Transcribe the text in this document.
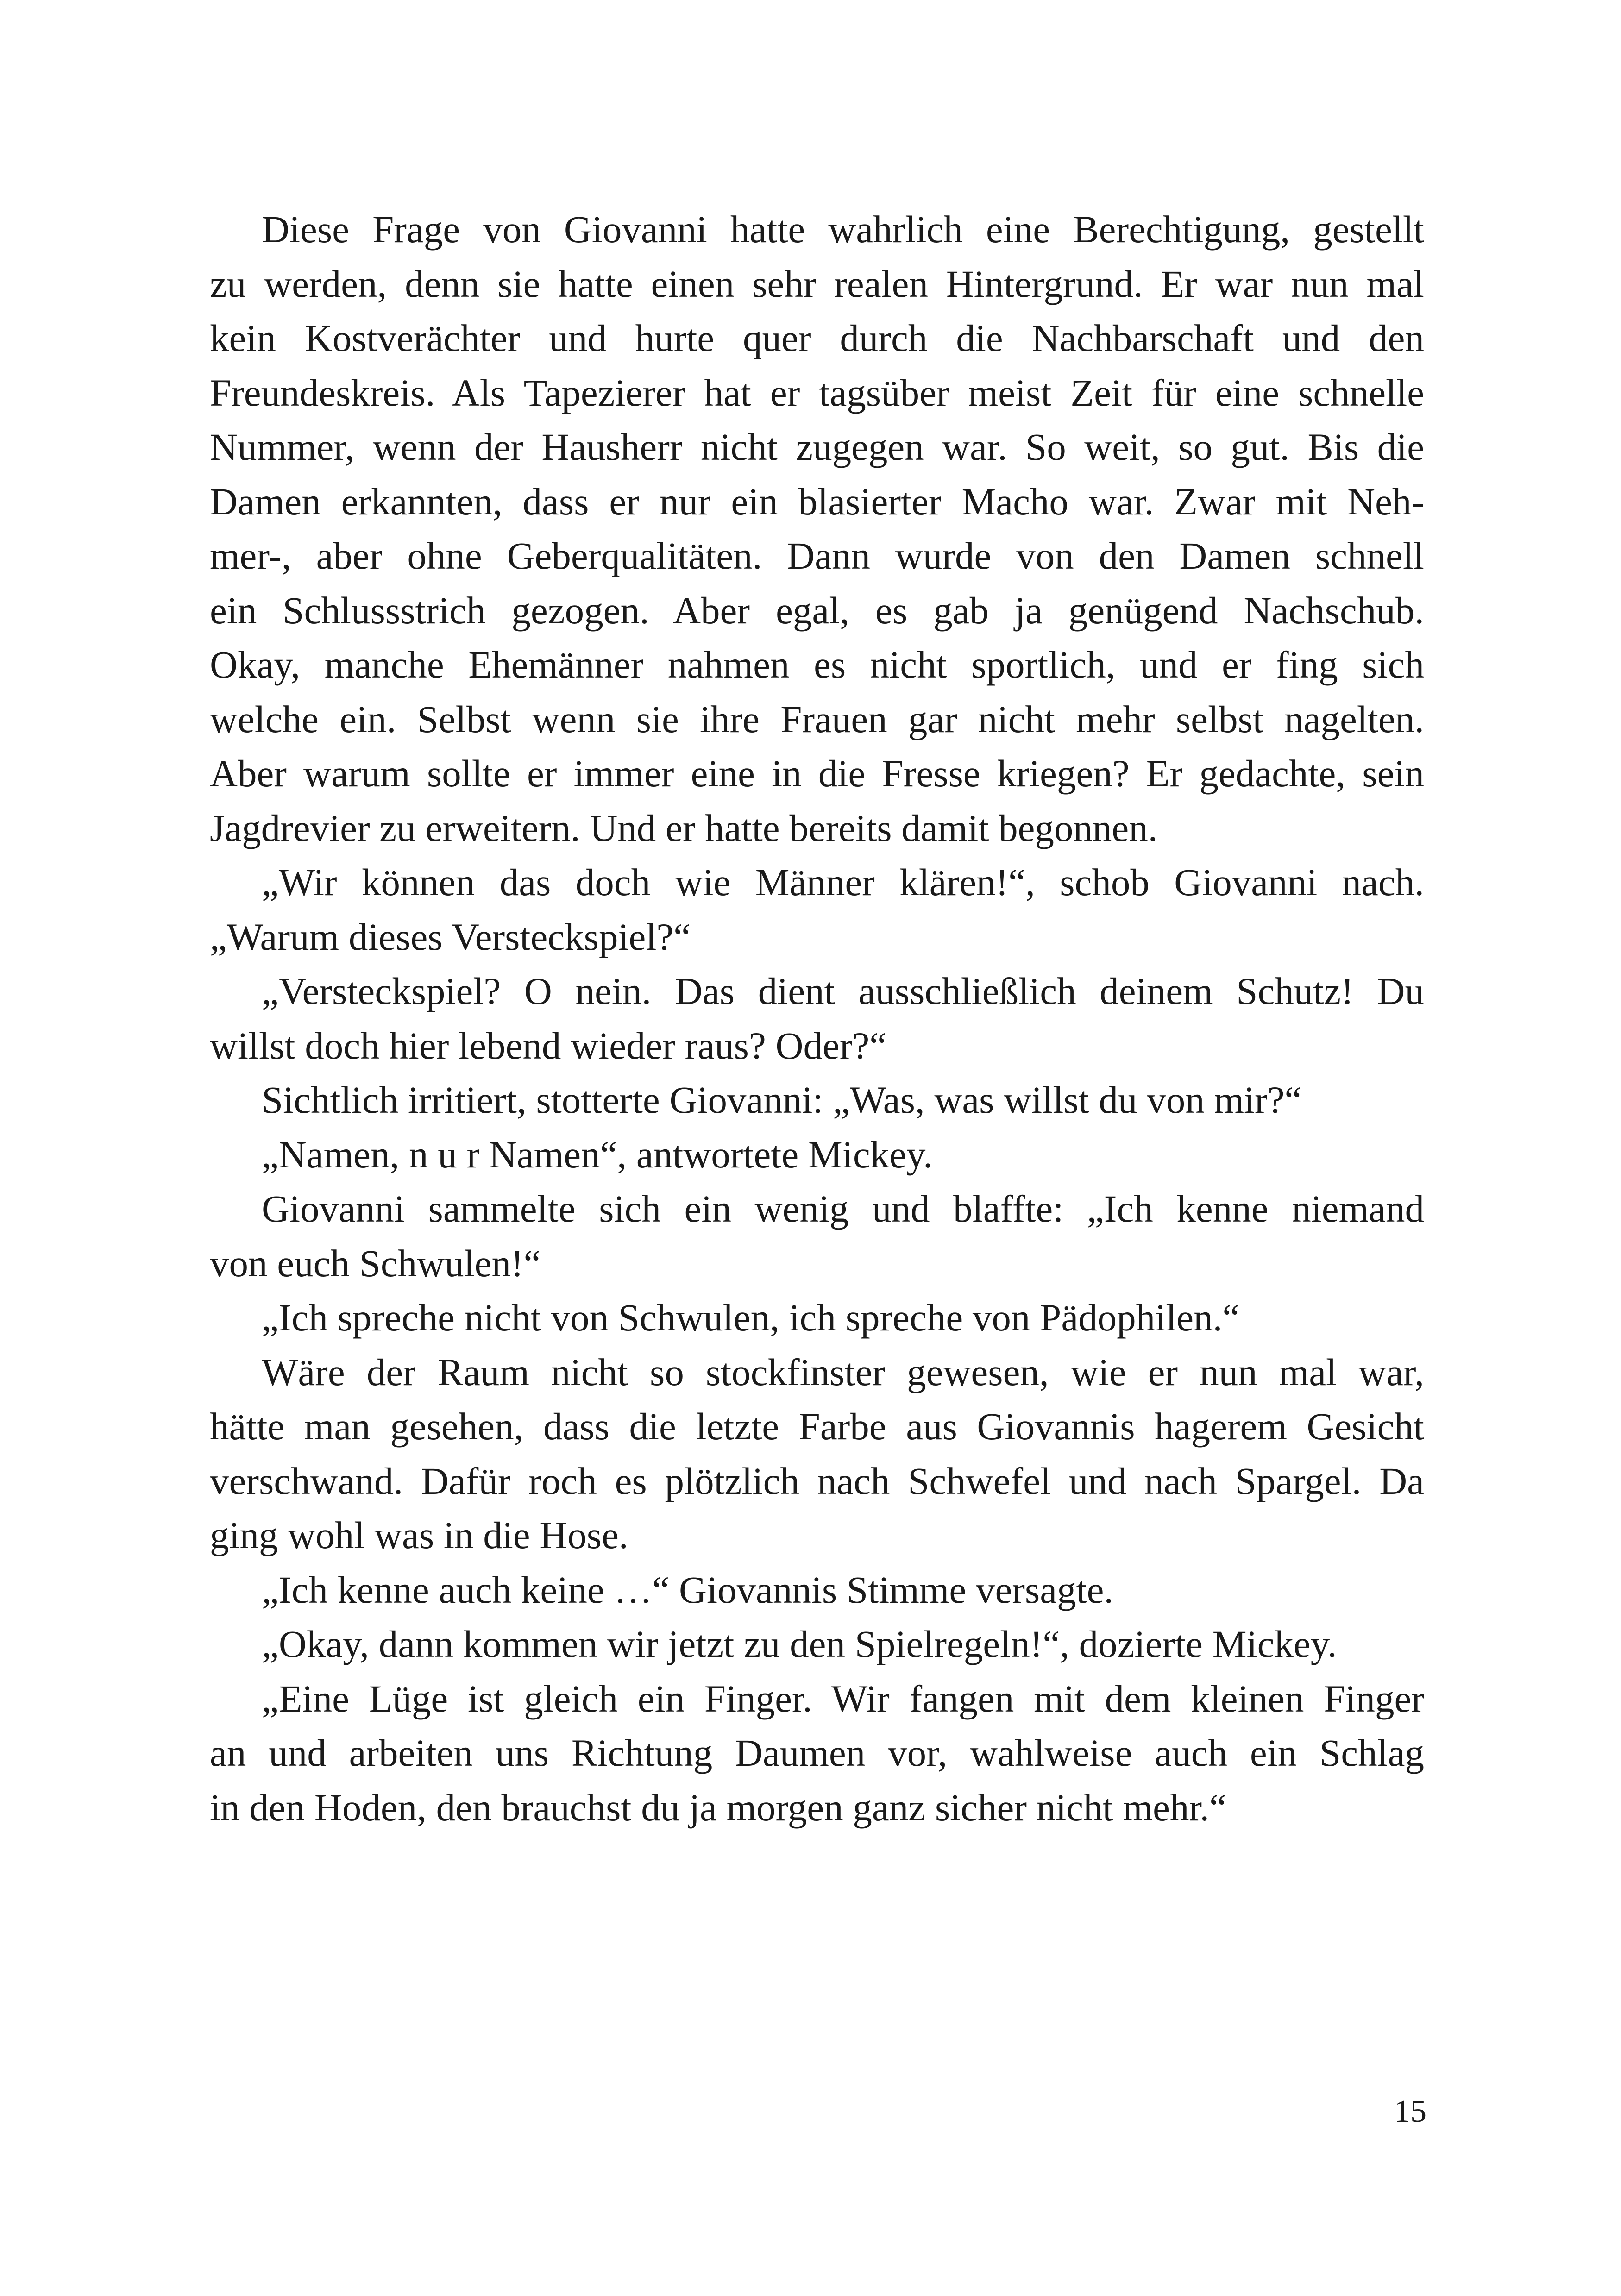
Diese Frage von Giovanni hatte wahrlich eine Berechtigung, gestellt
zu werden, denn sie hatte einen sehr realen Hintergrund. Er war nun mal
kein Kostverächter und hurte quer durch die Nachbarschaft und den
Freundeskreis. Als Tapezierer hat er tagsüber meist Zeit für eine schnelle
Nummer, wenn der Hausherr nicht zugegen war. So weit, so gut. Bis die
Damen erkannten, dass er nur ein blasierter Macho war. Zwar mit Neh-
mer-, aber ohne Geberqualitäten. Dann wurde von den Damen schnell
ein Schlussstrich gezogen. Aber egal, es gab ja genügend Nachschub.
Okay, manche Ehemänner nahmen es nicht sportlich, und er fing sich
welche ein. Selbst wenn sie ihre Frauen gar nicht mehr selbst nagelten.
Aber warum sollte er immer eine in die Fresse kriegen? Er gedachte, sein
Jagdrevier zu erweitern. Und er hatte bereits damit begonnen.

„Wir können das doch wie Männer klären!“, schob Giovanni nach.
„Warum dieses Versteckspiel?“

„Versteckspiel? O nein. Das dient ausschließlich deinem Schutz! Du
willst doch hier lebend wieder raus? Oder?“

Sichtlich irritiert, stotterte Giovanni: „Was, was willst du von mir?“

„Namen, n u r Namen“, antwortete Mickey.

Giovanni sammelte sich ein wenig und blaffte: „Ich kenne niemand
von euch Schwulen!“

„Ich spreche nicht von Schwulen, ich spreche von Pädophilen.“

Wäre der Raum nicht so stockfinster gewesen, wie er nun mal war,
hätte man gesehen, dass die letzte Farbe aus Giovannis hagerem Gesicht
verschwand. Dafür roch es plötzlich nach Schwefel und nach Spargel. Da
ging wohl was in die Hose.

„Ich kenne auch keine …“ Giovannis Stimme versagte.

„Okay, dann kommen wir jetzt zu den Spielregeln!“, dozierte Mickey.

„Eine Lüge ist gleich ein Finger. Wir fangen mit dem kleinen Finger
an und arbeiten uns Richtung Daumen vor, wahlweise auch ein Schlag
in den Hoden, den brauchst du ja morgen ganz sicher nicht mehr.“

15
